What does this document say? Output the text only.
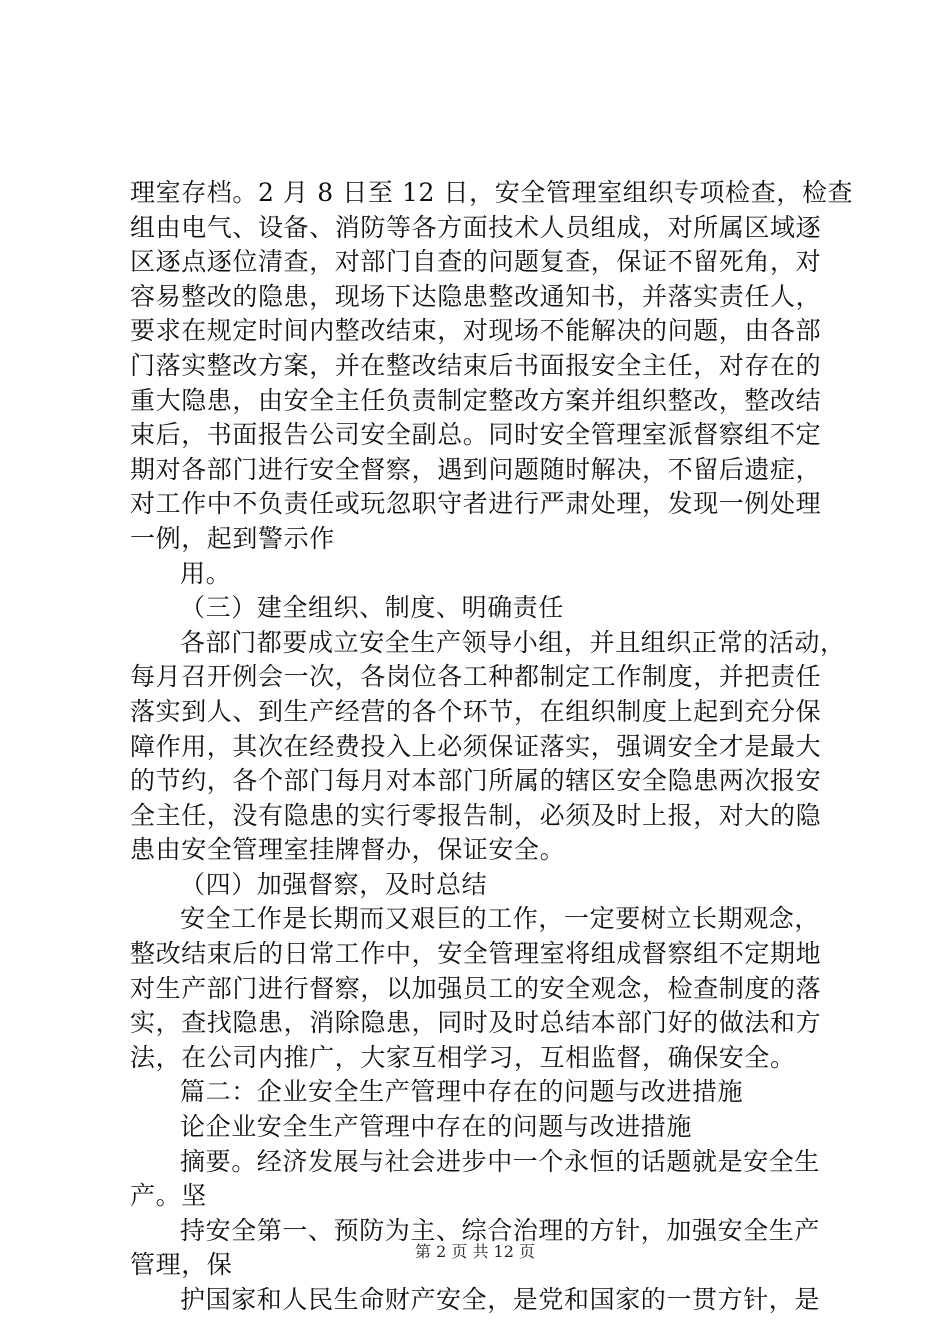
理室存档。2 月 8 日至 12 日，安全管理室组织专项检查，检查
组由电气、设备、消防等各方面技术人员组成，对所属区域逐
区逐点逐位清查，对部门自查的问题复查，保证不留死角，对
容易整改的隐患，现场下达隐患整改通知书，并落实责任人，
要求在规定时间内整改结束，对现场不能解决的问题，由各部
门落实整改方案，并在整改结束后书面报安全主任，对存在的
重大隐患，由安全主任负责制定整改方案并组织整改，整改结
束后，书面报告公司安全副总。同时安全管理室派督察组不定
期对各部门进行安全督察，遇到问题随时解决，不留后遗症，
对工作中不负责任或玩忽职守者进行严肃处理，发现一例处理
一例，起到警示作
用。
（三）建全组织、制度、明确责任
各部门都要成立安全生产领导小组，并且组织正常的活动，
每月召开例会一次，各岗位各工种都制定工作制度，并把责任
落实到人、到生产经营的各个环节，在组织制度上起到充分保
障作用，其次在经费投入上必须保证落实，强调安全才是最大
的节约，各个部门每月对本部门所属的辖区安全隐患两次报安
全主任，没有隐患的实行零报告制，必须及时上报，对大的隐
患由安全管理室挂牌督办，保证安全。
（四）加强督察，及时总结
安全工作是长期而又艰巨的工作，一定要树立长期观念，
整改结束后的日常工作中，安全管理室将组成督察组不定期地
对生产部门进行督察，以加强员工的安全观念，检查制度的落
实，查找隐患，消除隐患，同时及时总结本部门好的做法和方
法，在公司内推广，大家互相学习，互相监督，确保安全。
篇二：企业安全生产管理中存在的问题与改进措施
论企业安全生产管理中存在的问题与改进措施
摘要。经济发展与社会进步中一个永恒的话题就是安全生
产。坚
持安全第一、预防为主、综合治理的方针，加强安全生产
管理，保
护国家和人民生命财产安全，是党和国家的一贯方针，是
第 2 页 共 12 页
